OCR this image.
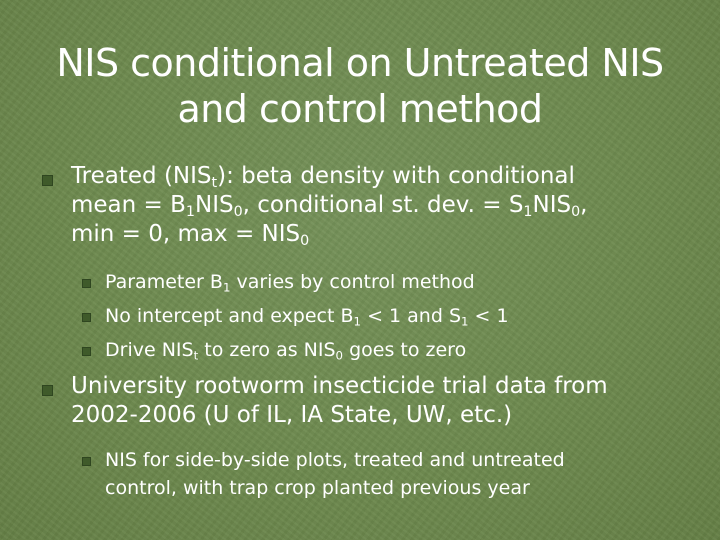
NIS conditional on Untreated NIS
and control method
Treated $(NIS_t)$: beta density with conditional
mean = $B_1NIS_0$, conditional st. dev. = $S_1NIS_0$,
min = 0, $\max = NIS_0$
Parameter $B_1$ varies by control method
No intercept and expect $B_1 < 1$ and $S_1 < 1$
Drive $NIS_t$ to zero as $NIS_0$ goes to zero
University rootworm insecticide trial data from
2002-2006 (U of IL, IA State, UW, etc.)
NIS for side-by-side plots, treated and untreated
control, with trap crop planted previous year
